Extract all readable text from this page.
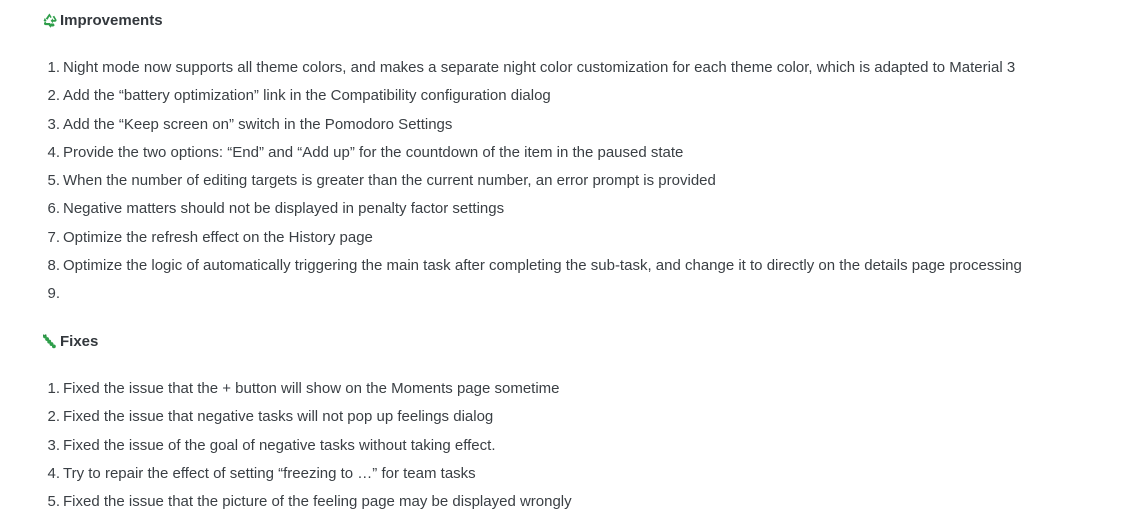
Improvements
1. Night mode now supports all theme colors, and makes a separate night color customization for each theme color, which is adapted to Material 3
2. Add the “battery optimization” link in the Compatibility configuration dialog
3. Add the “Keep screen on” switch in the Pomodoro Settings
4. Provide the two options: “End” and “Add up” for the countdown of the item in the paused state
5. When the number of editing targets is greater than the current number, an error prompt is provided
6. Negative matters should not be displayed in penalty factor settings
7. Optimize the refresh effect on the History page
8. Optimize the logic of automatically triggering the main task after completing the sub-task, and change it to directly on the details page processing
9.
Fixes
1. Fixed the issue that the + button will show on the Moments page sometime
2. Fixed the issue that negative tasks will not pop up feelings dialog
3. Fixed the issue of the goal of negative tasks without taking effect.
4. Try to repair the effect of setting “freezing to …” for team tasks
5. Fixed the issue that the picture of the feeling page may be displayed wrongly
